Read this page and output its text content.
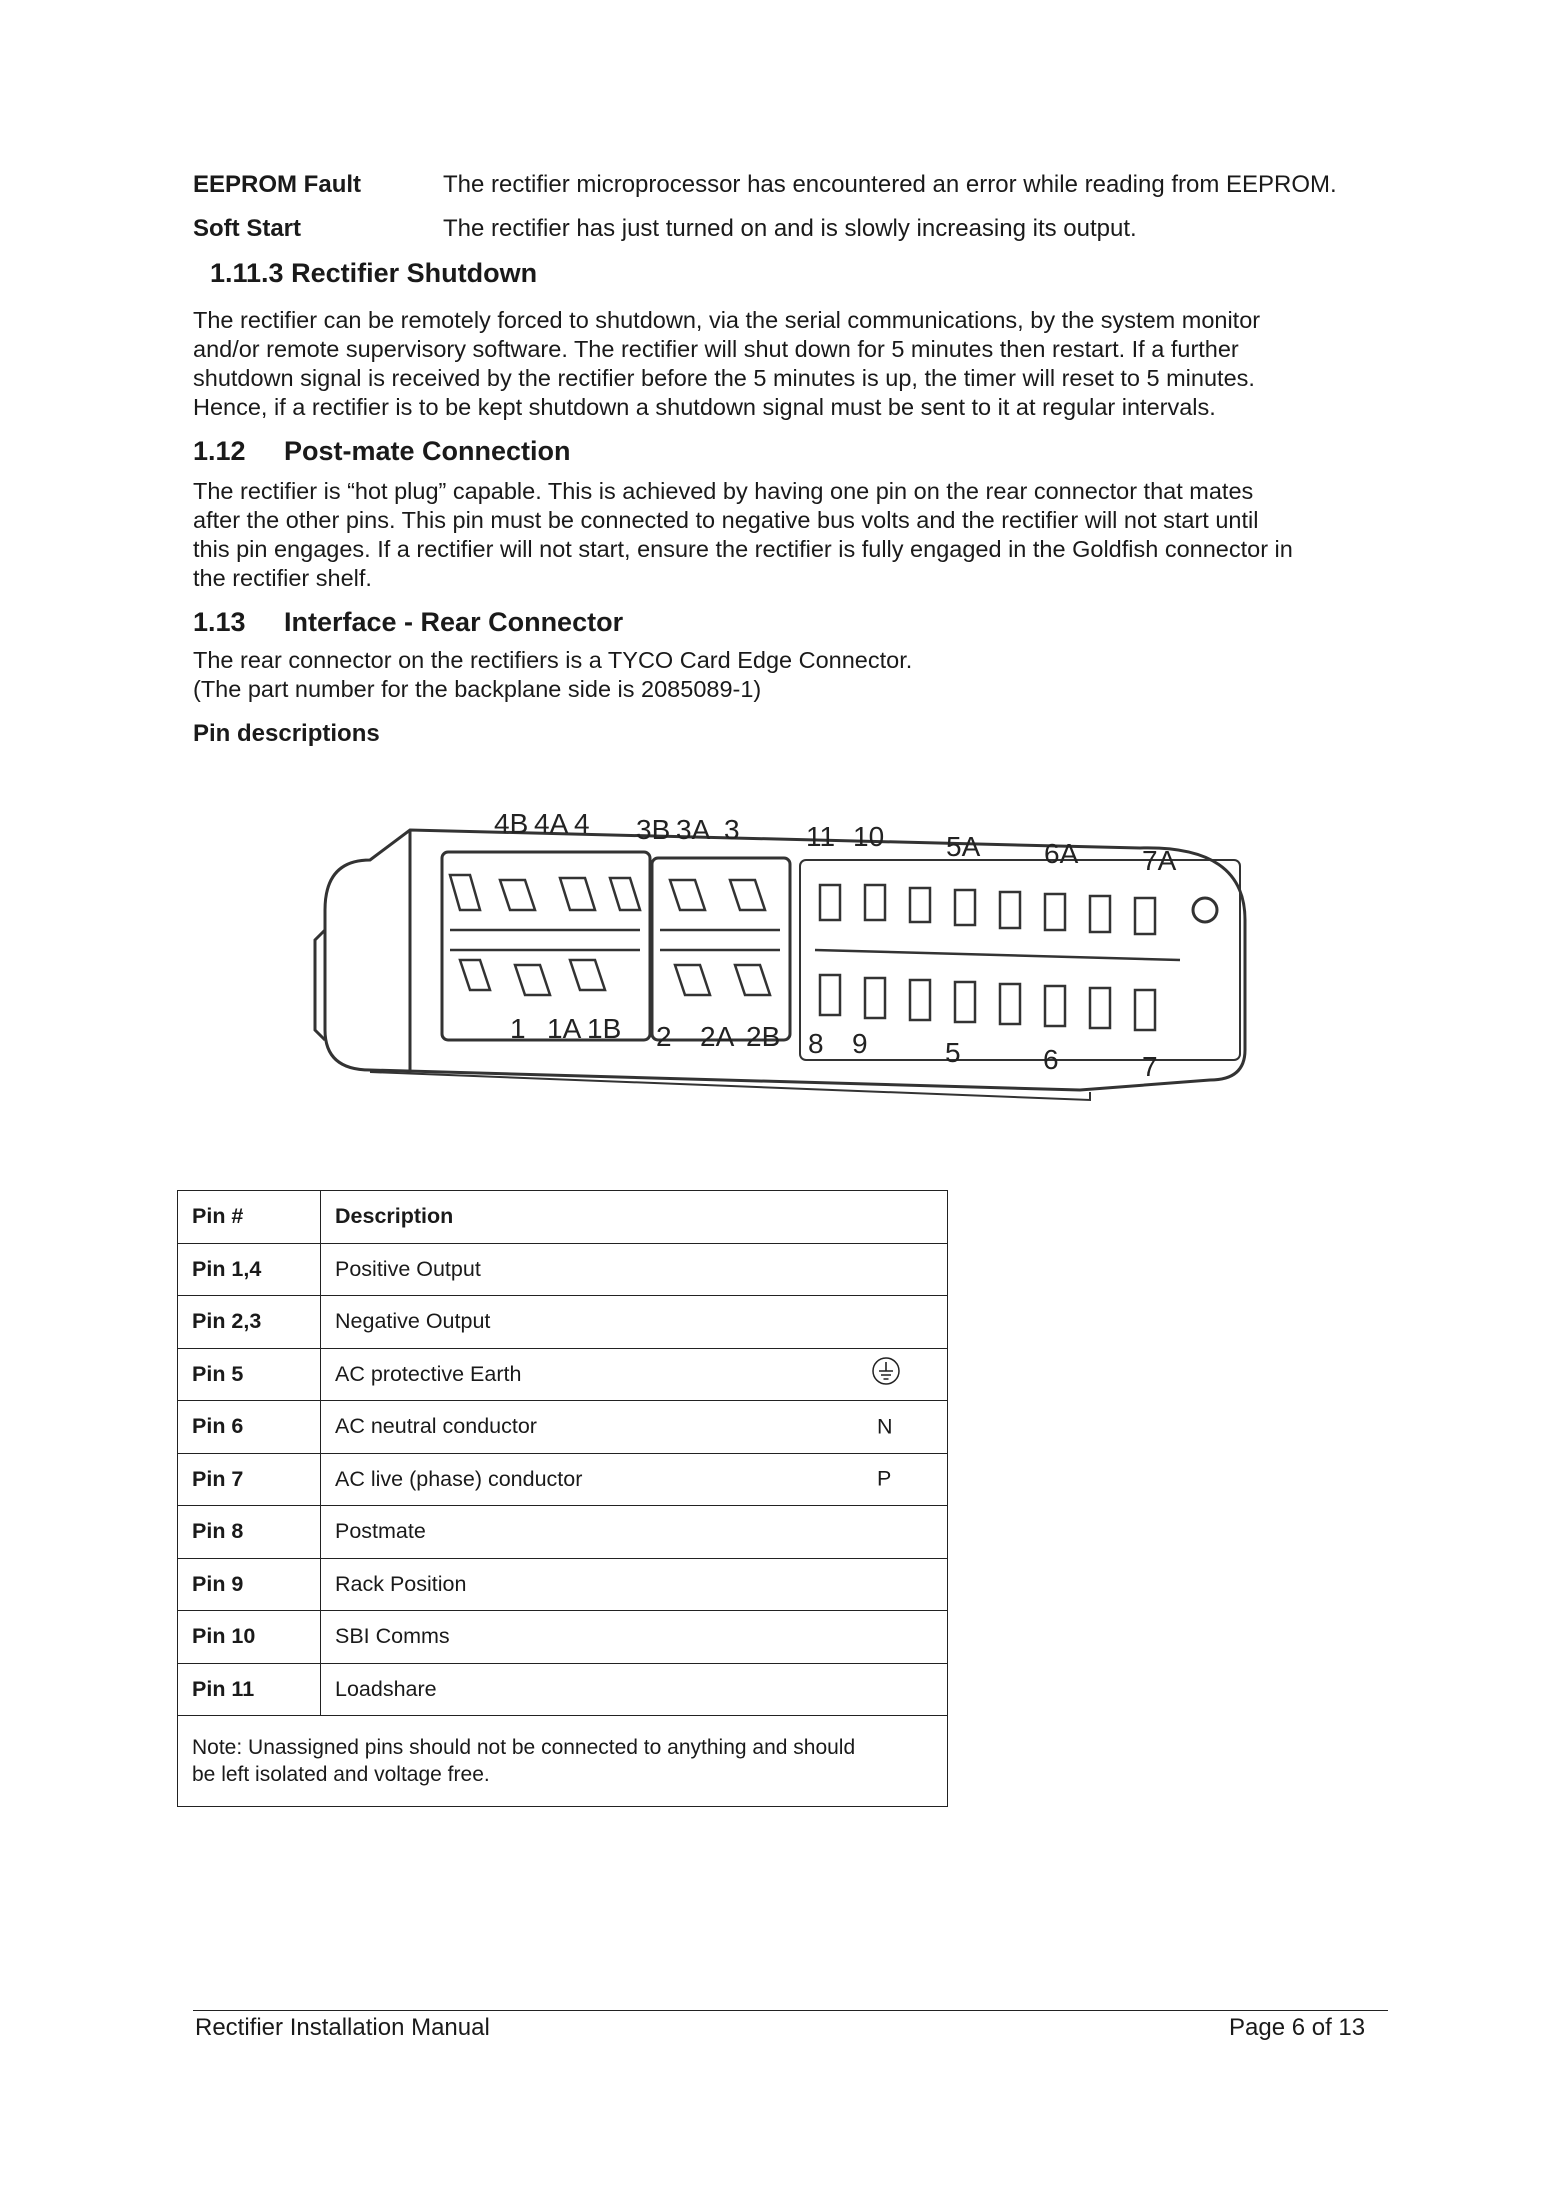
EEPROM Fault	The rectifier microprocessor has encountered an error while reading from EEPROM.
Soft Start	The rectifier has just turned on and is slowly increasing its output.
1.11.3 Rectifier Shutdown
The rectifier can be remotely forced to shutdown, via the serial communications, by the system monitor
and/or remote supervisory software. The rectifier will shut down for 5 minutes then restart. If a further
shutdown signal is received by the rectifier before the 5 minutes is up, the timer will reset to 5 minutes.
Hence, if a rectifier is to be kept shutdown a shutdown signal must be sent to it at regular intervals.
1.12 Post-mate Connection
The rectifier is “hot plug” capable. This is achieved by having one pin on the rear connector that mates
after the other pins. This pin must be connected to negative bus volts and the rectifier will not start until
this pin engages. If a rectifier will not start, ensure the rectifier is fully engaged in the Goldfish connector in
the rectifier shelf.
1.13 Interface - Rear Connector
The rear connector on the rectifiers is a TYCO Card Edge Connector.
(The part number for the backplane side is 2085089-1)
Pin descriptions
4B 4A 4 3B 3A 3 11 10 5A 6A 7A
1 1A 1B 2 2A 2B 8 9	5	6	7
Pin #	Description
Pin 1,4	Positive Output
Pin 2,3	Negative Output
Pin 5	AC protective Earth

Pin 6	AC neutral conductor N

Pin 7	AC live (phase) conductor P

Pin 8	Postmate
Pin 9	Rack Position
Pin 10	SBI Comms
Pin 11	Loadshare

Note: Unassigned pins should not be connected to anything and should
be left isolated and voltage free.	
Rectifier Installation Manual	Page 6 of 13
